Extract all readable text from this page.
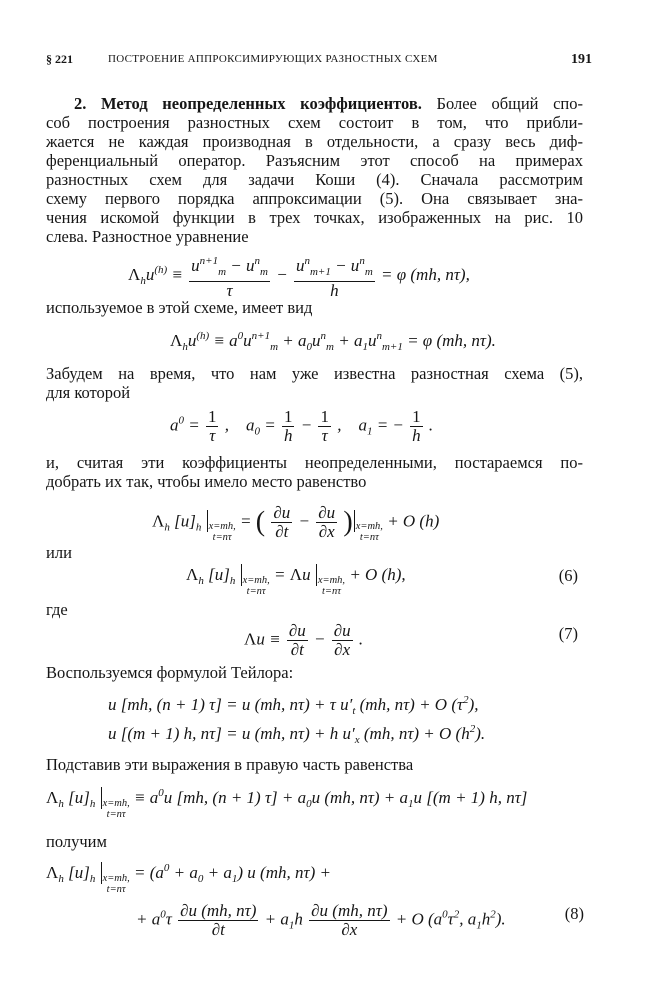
§ 221	ПОСТРОЕНИЕ АППРОКСИМИРУЮЩИХ РАЗНОСТНЫХ СХЕМ	191
2. Метод неопределенных коэффициентов. Более общий спо-
соб построения разностных схем состоит в том, что прибли-
жается не каждая производная в отдельности, а сразу весь диф-
ференциальный оператор. Разъясним этот способ на примерах
разностных схем для задачи Коши (4). Сначала рассмотрим
схему первого порядка аппроксимации (5). Она связывает зна-
чения искомой функции в трех точках, изображенных на рис. 10
слева. Разностное уравнение
$\Lambda_hu^{(h)} \equiv \frac{u^{n+1}_m - u^n_m}{\tau} - \frac{u^n_{m+1} - u^n_m}{h} = \varphi$ (mh, nτ),
используемое в этой схеме, имеет вид
$\Lambda_hu^{(h)} \equiv a^0u^{n+1}_m + a_0u^n_m + a_1u^n_{m+1} = \varphi$ (mh, nτ).
Забудем на время, что нам уже известна разностная схема (5),
для которой
$a^0 = \frac{1}{\tau}$ ,    $a_0 = \frac{1}{h} - \frac{1}{\tau}$ ,    $a_1$ = − $\frac{1}{h}$ .
и, считая эти коэффициенты неопределенными, постараемся по-
добрать их так, чтобы имело место равенство
$\Lambda_h$ $[u]_h$ x=mh,
t=nτ = ( $\frac{\partial u}{\partial t} - \frac{\partial u}{\partial x}$ ) x=mh,
t=nτ + O (h)
или
$\Lambda_h$ $[u]_h$ x=mh,
t=nτ = Λu x=mh,
t=nτ + O (h),	(6)
где
$\Lambda u \equiv \frac{\partial u}{\partial t} - \frac{\partial u}{\partial x}$ .	(7)
Воспользуемся формулой Тейлора:
u [mh, (n + 1) τ] = u (mh, nτ) + τ $u'_t$ (mh, nτ) + O $(\tau^2)$,
u [(m + 1) h, nτ] = u (mh, nτ) + h $u'_x$ (mh, nτ) + O $(h^2)$.
Подставив эти выражения в правую часть равенства
$\Lambda_h$ $[u]_h$ x=mh,
$t=n\tau \equiv a^0u$ [mh, (n + 1) $\tau] + a_0u$ (mh, $n\tau) + a_1u$ [(m + 1) h, nτ]
получим
$\Lambda_h$ $[u]_h$ x=mh,
$t=n\tau = (a^0 + a_0 + a_1)$ u (mh, nτ) +
+ $a^0\tau \frac{\partial u (mh, n\tau)}{\partial t} + a_1h \frac{\partial u (mh, n\tau)}{\partial x} + O$ ($a^0\tau^2$, $a_1h^2$).	(8)
